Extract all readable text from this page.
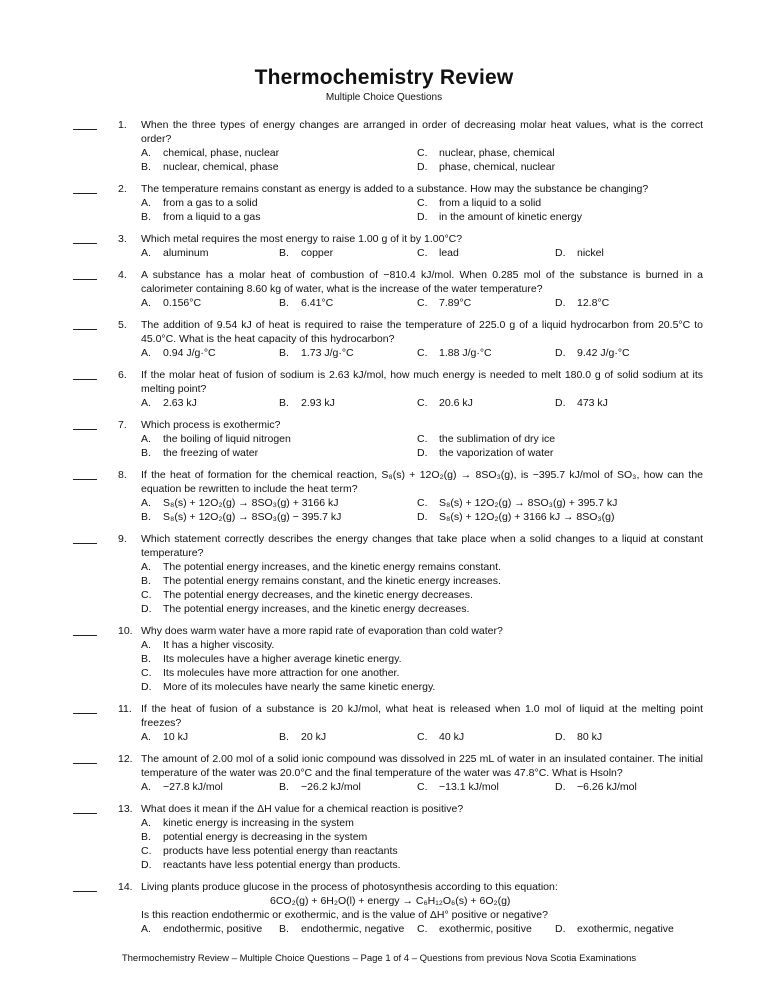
Thermochemistry Review
Multiple Choice Questions
1. When the three types of energy changes are arranged in order of decreasing molar heat values, what is the correct order?
A. chemical, phase, nuclear	C. nuclear, phase, chemical
B. nuclear, chemical, phase	D. phase, chemical, nuclear
2. The temperature remains constant as energy is added to a substance. How may the substance be changing?
A. from a gas to a solid	C. from a liquid to a solid
B. from a liquid to a gas	D. in the amount of kinetic energy
3. Which metal requires the most energy to raise 1.00 g of it by 1.00°C?
A. aluminum	B. copper	C. lead	D. nickel
4. A substance has a molar heat of combustion of −810.4 kJ/mol. When 0.285 mol of the substance is burned in a calorimeter containing 8.60 kg of water, what is the increase of the water temperature?
A. 0.156°C	B. 6.41°C	C. 7.89°C	D. 12.8°C
5. The addition of 9.54 kJ of heat is required to raise the temperature of 225.0 g of a liquid hydrocarbon from 20.5°C to 45.0°C. What is the heat capacity of this hydrocarbon?
A. 0.94 J/g·°C	B. 1.73 J/g·°C	C. 1.88 J/g·°C	D. 9.42 J/g·°C
6. If the molar heat of fusion of sodium is 2.63 kJ/mol, how much energy is needed to melt 180.0 g of solid sodium at its melting point?
A. 2.63 kJ	B. 2.93 kJ	C. 20.6 kJ	D. 473 kJ
7. Which process is exothermic?
A. the boiling of liquid nitrogen	C. the sublimation of dry ice
B. the freezing of water	D. the vaporization of water
8. If the heat of formation for the chemical reaction, S₈(s) + 12O₂(g) → 8SO₃(g), is −395.7 kJ/mol of SO₃, how can the equation be rewritten to include the heat term?
A. S₈(s) + 12O₂(g) → 8SO₃(g) + 3166 kJ	C. S₈(s) + 12O₂(g) → 8SO₃(g) + 395.7 kJ
B. S₈(s) + 12O₂(g) → 8SO₃(g) − 395.7 kJ	D. S₈(s) + 12O₂(g) + 3166 kJ → 8SO₃(g)
9. Which statement correctly describes the energy changes that take place when a solid changes to a liquid at constant temperature?
A. The potential energy increases, and the kinetic energy remains constant.
B. The potential energy remains constant, and the kinetic energy increases.
C. The potential energy decreases, and the kinetic energy decreases.
D. The potential energy increases, and the kinetic energy decreases.
10. Why does warm water have a more rapid rate of evaporation than cold water?
A. It has a higher viscosity.
B. Its molecules have a higher average kinetic energy.
C. Its molecules have more attraction for one another.
D. More of its molecules have nearly the same kinetic energy.
11. If the heat of fusion of a substance is 20 kJ/mol, what heat is released when 1.0 mol of liquid at the melting point freezes?
A. 10 kJ	B. 20 kJ	C. 40 kJ	D. 80 kJ
12. The amount of 2.00 mol of a solid ionic compound was dissolved in 225 mL of water in an insulated container. The initial temperature of the water was 20.0°C and the final temperature of the water was 47.8°C. What is Hsoln?
A. −27.8 kJ/mol	B. −26.2 kJ/mol	C. −13.1 kJ/mol	D. −6.26 kJ/mol
13. What does it mean if the ΔH value for a chemical reaction is positive?
A. kinetic energy is increasing in the system
B. potential energy is decreasing in the system
C. products have less potential energy than reactants
D. reactants have less potential energy than products.
14. Living plants produce glucose in the process of photosynthesis according to this equation:
6CO₂(g) + 6H₂O(l) + energy → C₆H₁₂O₆(s) + 6O₂(g)
Is this reaction endothermic or exothermic, and is the value of ΔH° positive or negative?
A. endothermic, positive	B. endothermic, negative	C. exothermic, positive	D. exothermic, negative
Thermochemistry Review – Multiple Choice Questions – Page 1 of 4 – Questions from previous Nova Scotia Examinations
